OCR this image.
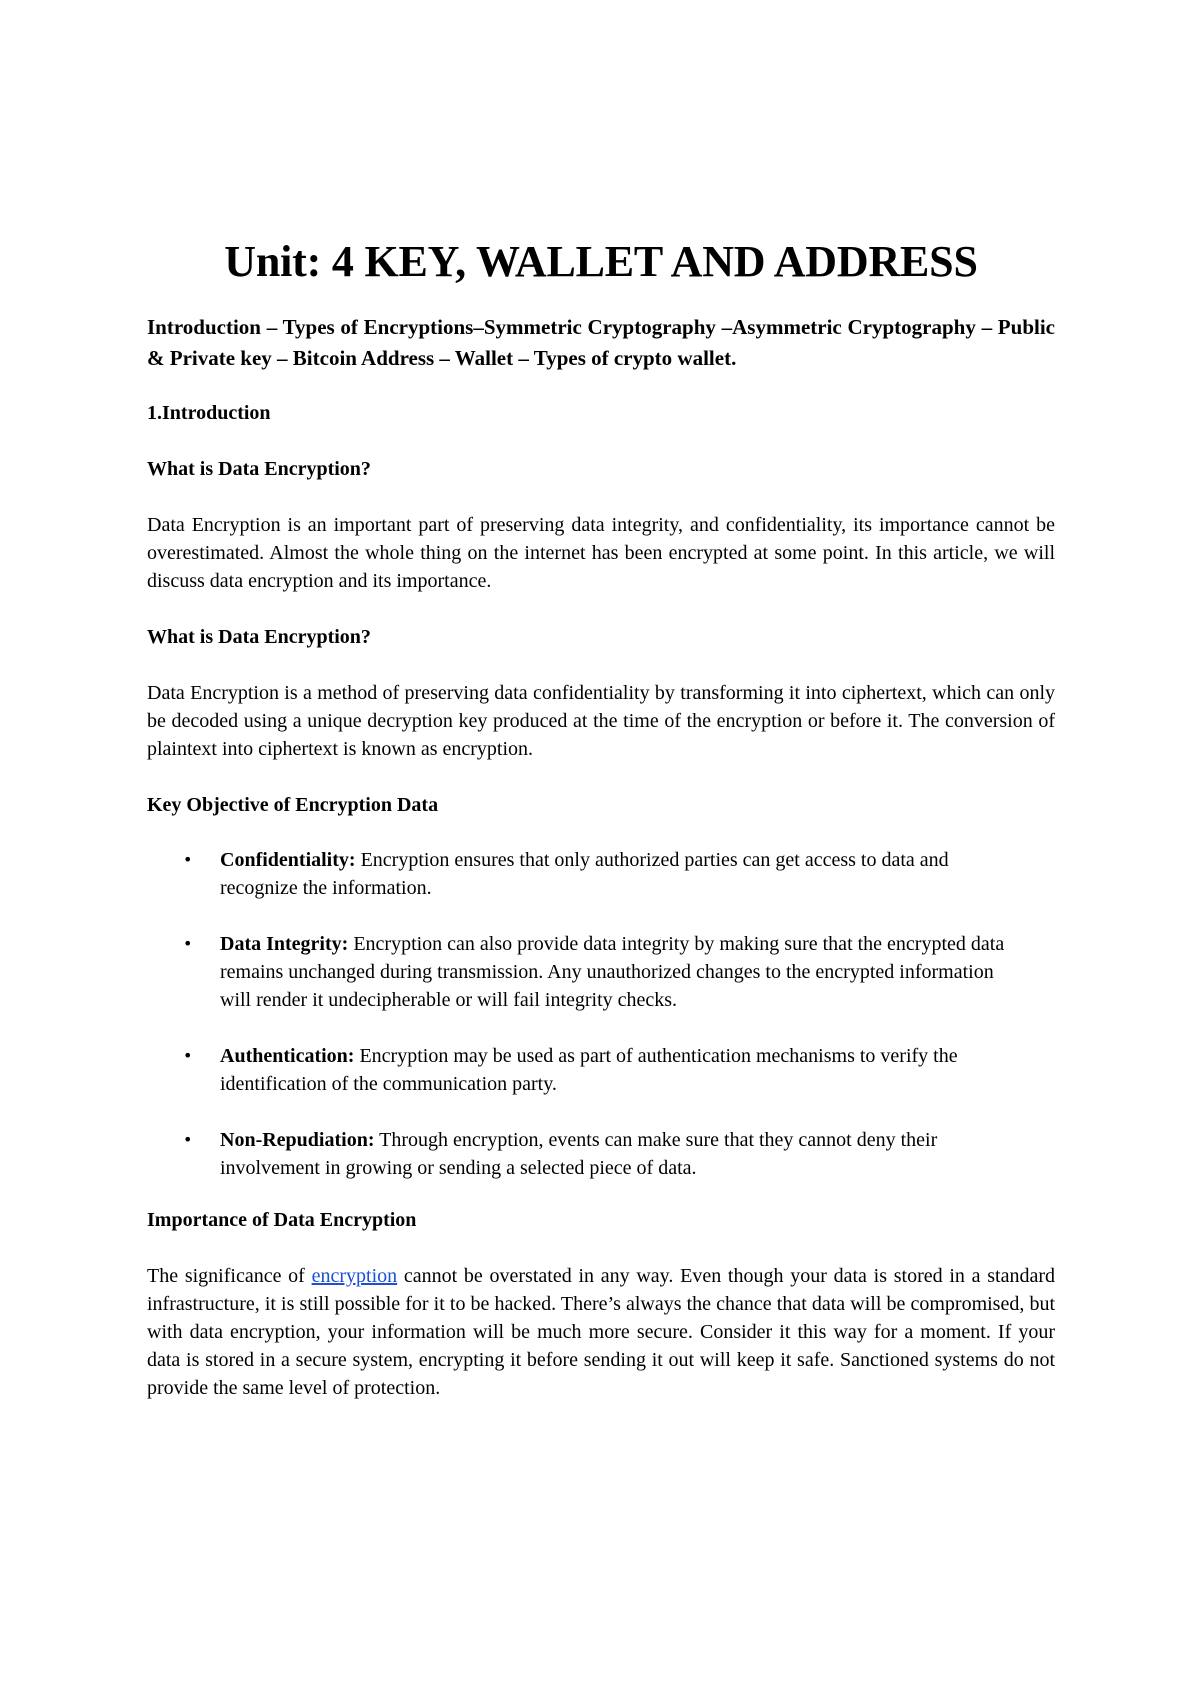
Unit: 4 KEY, WALLET AND ADDRESS

Introduction – Types of Encryptions–Symmetric Cryptography –Asymmetric Cryptography – Public & Private key – Bitcoin Address – Wallet – Types of crypto wallet.

1.Introduction

What is Data Encryption?

Data Encryption is an important part of preserving data integrity, and confidentiality, its importance cannot be overestimated. Almost the whole thing on the internet has been encrypted at some point. In this article, we will discuss data encryption and its importance.

What is Data Encryption?

Data Encryption is a method of preserving data confidentiality by transforming it into ciphertext, which can only be decoded using a unique decryption key produced at the time of the encryption or before it. The conversion of plaintext into ciphertext is known as encryption.

Key Objective of Encryption Data

• Confidentiality: Encryption ensures that only authorized parties can get access to data and recognize the information.
• Data Integrity: Encryption can also provide data integrity by making sure that the encrypted data remains unchanged during transmission. Any unauthorized changes to the encrypted information will render it undecipherable or will fail integrity checks.
• Authentication: Encryption may be used as part of authentication mechanisms to verify the identification of the communication party.
• Non-Repudiation: Through encryption, events can make sure that they cannot deny their involvement in growing or sending a selected piece of data.

Importance of Data Encryption

The significance of encryption cannot be overstated in any way. Even though your data is stored in a standard infrastructure, it is still possible for it to be hacked. There’s always the chance that data will be compromised, but with data encryption, your information will be much more secure. Consider it this way for a moment. If your data is stored in a secure system, encrypting it before sending it out will keep it safe. Sanctioned systems do not provide the same level of protection.
